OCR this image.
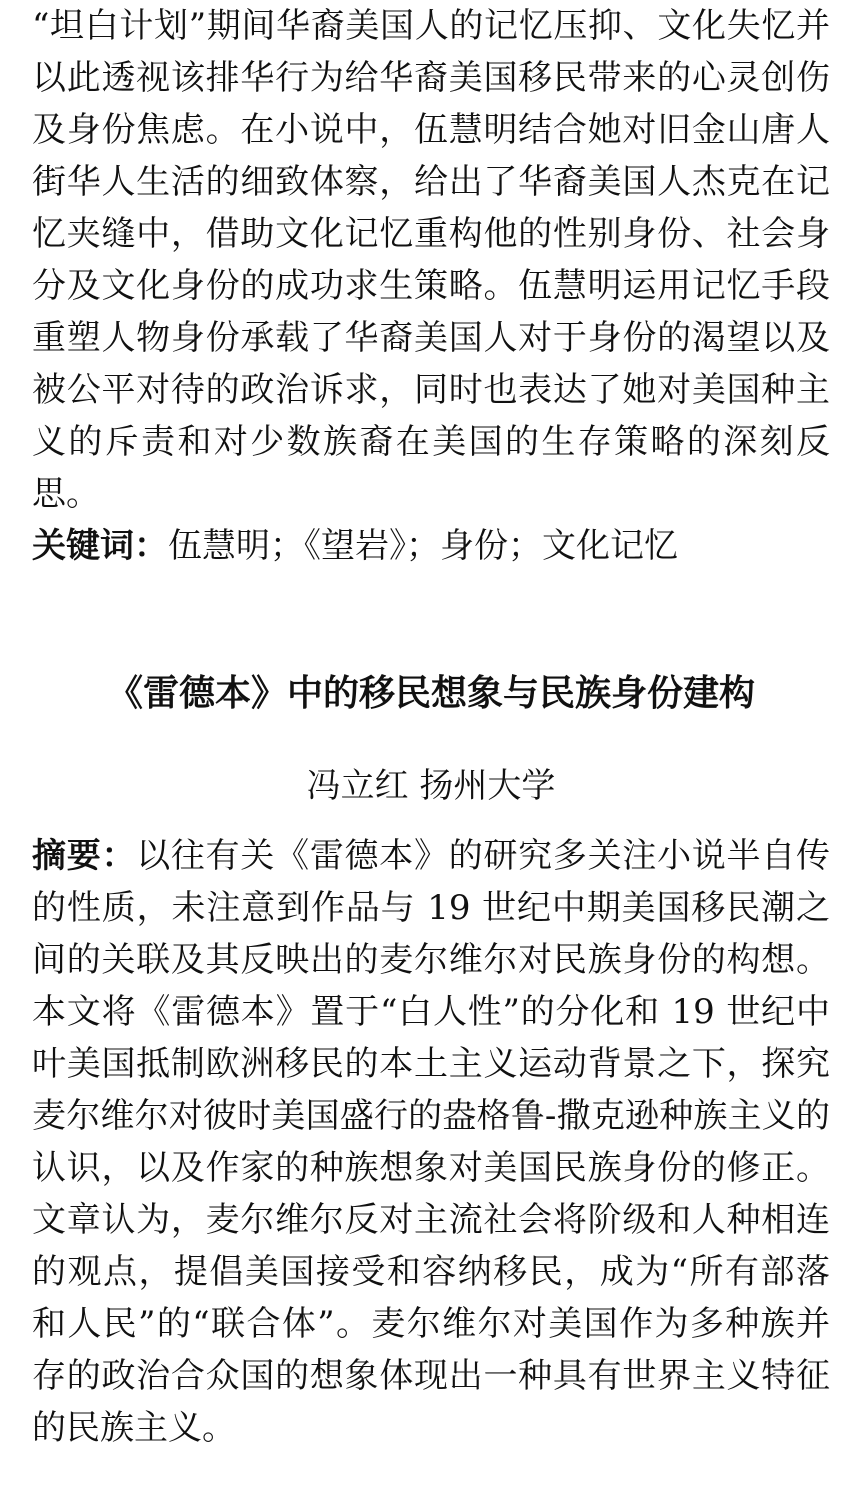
“坦白计划”期间华裔美国人的记忆压抑、文化失忆并以此透视该排华行为给华裔美国移民带来的心灵创伤及身份焦虑。在小说中，伍慧明结合她对旧金山唐人街华人生活的细致体察，给出了华裔美国人杰克在记忆夹缝中，借助文化记忆重构他的性别身份、社会身分及文化身份的成功求生策略。伍慧明运用记忆手段重塑人物身份承载了华裔美国人对于身份的渴望以及被公平对待的政治诉求，同时也表达了她对美国种主义的斥责和对少数族裔在美国的生存策略的深刻反思。

关键词：伍慧明；《望岩》；身份；文化记忆
《雷德本》中的移民想象与民族身份建构
冯立红 扬州大学

摘要：以往有关《雷德本》的研究多关注小说半自传的性质，未注意到作品与 19 世纪中期美国移民潮之间的关联及其反映出的麦尔维尔对民族身份的构想。本文将《雷德本》置于“白人性”的分化和 19 世纪中叶美国抵制欧洲移民的本土主义运动背景之下，探究麦尔维尔对彼时美国盛行的盎格鲁-撒克逊种族主义的认识，以及作家的种族想象对美国民族身份的修正。文章认为，麦尔维尔反对主流社会将阶级和人种相连的观点，提倡美国接受和容纳移民，成为“所有部落和人民”的“联合体”。麦尔维尔对美国作为多种族并存的政治合众国的想象体现出一种具有世界主义特征的民族主义。
